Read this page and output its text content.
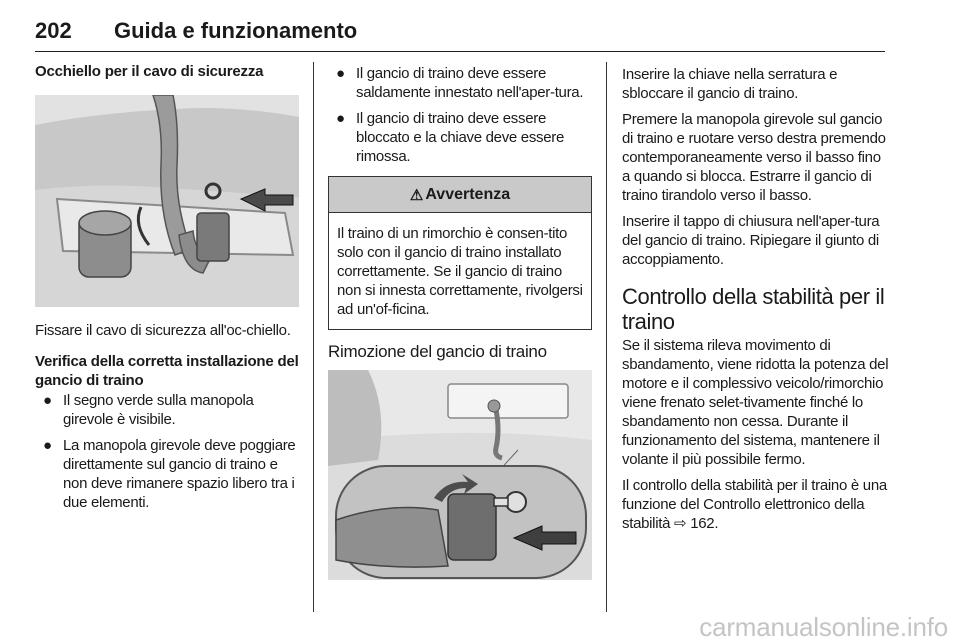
202 Guida e funzionamento
Occhiello per il cavo di sicurezza
Fissare il cavo di sicurezza all'oc-chiello.
Verifica della corretta installazione del gancio di traino
● Il segno verde sulla manopola girevole è visibile.
● La manopola girevole deve poggiare direttamente sul gancio di traino e non deve rimanere spazio libero tra i due elementi.
● Il gancio di traino deve essere saldamente innestato nell'aper-tura.
● Il gancio di traino deve essere bloccato e la chiave deve essere rimossa.
⚠ Avvertenza
Il traino di un rimorchio è consen-tito solo con il gancio di traino installato correttamente. Se il gancio di traino non si innesta correttamente, rivolgersi ad un'of-ficina.
Rimozione del gancio di traino
Inserire la chiave nella serratura e sbloccare il gancio di traino.
Premere la manopola girevole sul gancio di traino e ruotare verso destra premendo contemporaneamente verso il basso fino a quando si blocca. Estrarre il gancio di traino tirandolo verso il basso.
Inserire il tappo di chiusura nell'aper-tura del gancio di traino. Ripiegare il giunto di accoppiamento.
Controllo della stabilità per il traino
Se il sistema rileva movimento di sbandamento, viene ridotta la potenza del motore e il complessivo veicolo/rimorchio viene frenato selet-tivamente finché lo sbandamento non cessa. Durante il funzionamento del sistema, mantenere il volante il più possibile fermo.
Il controllo della stabilità per il traino è una funzione del Controllo elettronico della stabilità ⇨ 162.
carmanualsonline.info
